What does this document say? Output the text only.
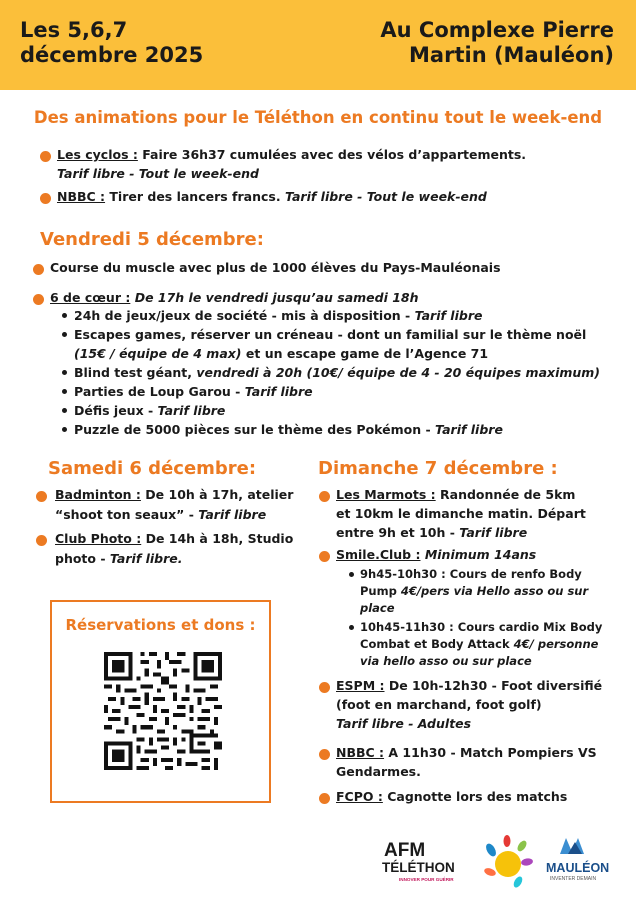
Les 5,6,7
décembre 2025
Au Complexe Pierre
Martin (Mauléon)
Des animations pour le Téléthon en continu tout le week-end
Les cyclos : Faire 36h37 cumulées avec des vélos d’appartements.
Tarif libre - Tout le week-end
NBBC : Tirer des lancers francs. Tarif libre - Tout le week-end
Vendredi 5 décembre:
Course du muscle avec plus de 1000 élèves du Pays-Mauléonais
6 de cœur : De 17h le vendredi jusqu’au samedi 18h
24h de jeux/jeux de société - mis à disposition - Tarif libre
Escapes games, réserver un créneau - dont un familial sur le thème noël
(15€ / équipe de 4 max) et un escape game de l’Agence 71
Blind test géant, vendredi à 20h (10€/ équipe de 4 - 20 équipes maximum)
Parties de Loup Garou - Tarif libre
Défis jeux - Tarif libre
Puzzle de 5000 pièces sur le thème des Pokémon - Tarif libre
Samedi 6 décembre:
Badminton : De 10h à 17h, atelier
“shoot ton seaux” - Tarif libre
Club Photo : De 14h à 18h, Studio
photo - Tarif libre.
Réservations et dons :
Dimanche 7 décembre :
Les Marmots : Randonnée de 5km
et 10km le dimanche matin. Départ
entre 9h et 10h - Tarif libre
Smile.Club : Minimum 14ans
9h45-10h30 : Cours de renfo Body
Pump 4€/pers via Hello asso ou sur
place
10h45-11h30 : Cours cardio Mix Body
Combat et Body Attack 4€/ personne
via hello asso ou sur place
ESPM : De 10h-12h30 - Foot diversifié
(foot en marchand, foot golf)
Tarif libre - Adultes
NBBC : A 11h30 - Match Pompiers VS
Gendarmes.
FCPO : Cagnotte lors des matchs
AFM
TÉLÉTHON
INNOVER POUR GUÉRIR
MAULÉON
INVENTER DEMAIN
